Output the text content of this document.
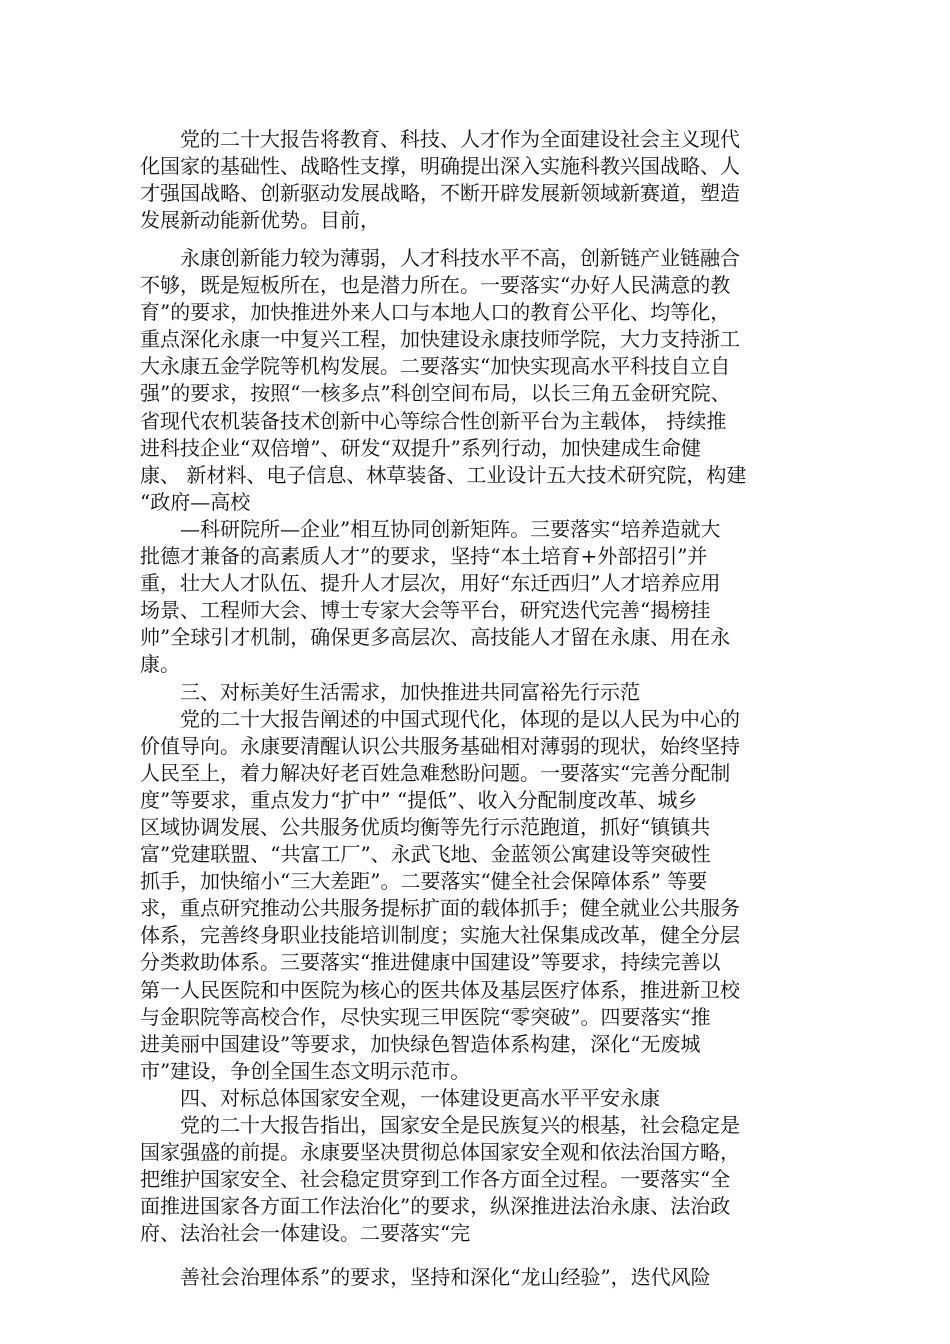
党的二十大报告将教育、科技、人才作为全面建设社会主义现代
化国家的基础性、战略性支撑，明确提出深入实施科教兴国战略、人
才强国战略、创新驱动发展战略，不断开辟发展新领域新赛道，塑造
发展新动能新优势。目前，
永康创新能力较为薄弱，人才科技水平不高，创新链产业链融合
不够，既是短板所在，也是潜力所在。一要落实“办好人民满意的教
育”的要求，加快推进外来人口与本地人口的教育公平化、均等化，
重点深化永康一中复兴工程，加快建设永康技师学院，大力支持浙工
大永康五金学院等机构发展。二要落实“加快实现高水平科技自立自
强”的要求，按照“一核多点”科创空间布局，以长三角五金研究院、
省现代农机装备技术创新中心等综合性创新平台为主载体， 持续推
进科技企业“双倍增”、研发“双提升”系列行动，加快建成生命健
康、 新材料、电子信息、林草装备、工业设计五大技术研究院，构建
“政府—高校
—科研院所—企业”相互协同创新矩阵。三要落实“培养造就大
批德才兼备的高素质人才”的要求，坚持“本土培育+外部招引”并
重，壮大人才队伍、提升人才层次，用好“东迁西归”人才培养应用
场景、工程师大会、博士专家大会等平台，研究迭代完善“揭榜挂
帅”全球引才机制，确保更多高层次、高技能人才留在永康、用在永
康。
三、对标美好生活需求，加快推进共同富裕先行示范
党的二十大报告阐述的中国式现代化，体现的是以人民为中心的
价值导向。永康要清醒认识公共服务基础相对薄弱的现状，始终坚持
人民至上，着力解决好老百姓急难愁盼问题。一要落实“完善分配制
度”等要求，重点发力“扩中” “提低”、收入分配制度改革、城乡
区域协调发展、公共服务优质均衡等先行示范跑道，抓好“镇镇共
富”党建联盟、“共富工厂”、永武飞地、金蓝领公寓建设等突破性
抓手，加快缩小“三大差距”。二要落实“健全社会保障体系” 等要
求，重点研究推动公共服务提标扩面的载体抓手；健全就业公共服务
体系，完善终身职业技能培训制度；实施大社保集成改革，健全分层
分类救助体系。三要落实“推进健康中国建设”等要求，持续完善以
第一人民医院和中医院为核心的医共体及基层医疗体系，推进新卫校
与金职院等高校合作，尽快实现三甲医院“零突破”。四要落实“推
进美丽中国建设”等要求，加快绿色智造体系构建，深化“无废城
市”建设，争创全国生态文明示范市。
四、对标总体国家安全观，一体建设更高水平平安永康
党的二十大报告指出，国家安全是民族复兴的根基，社会稳定是
国家强盛的前提。永康要坚决贯彻总体国家安全观和依法治国方略，
把维护国家安全、社会稳定贯穿到工作各方面全过程。一要落实“全
面推进国家各方面工作法治化”的要求，纵深推进法治永康、法治政
府、法治社会一体建设。二要落实“完
善社会治理体系”的要求，坚持和深化“龙山经验”，迭代风险
